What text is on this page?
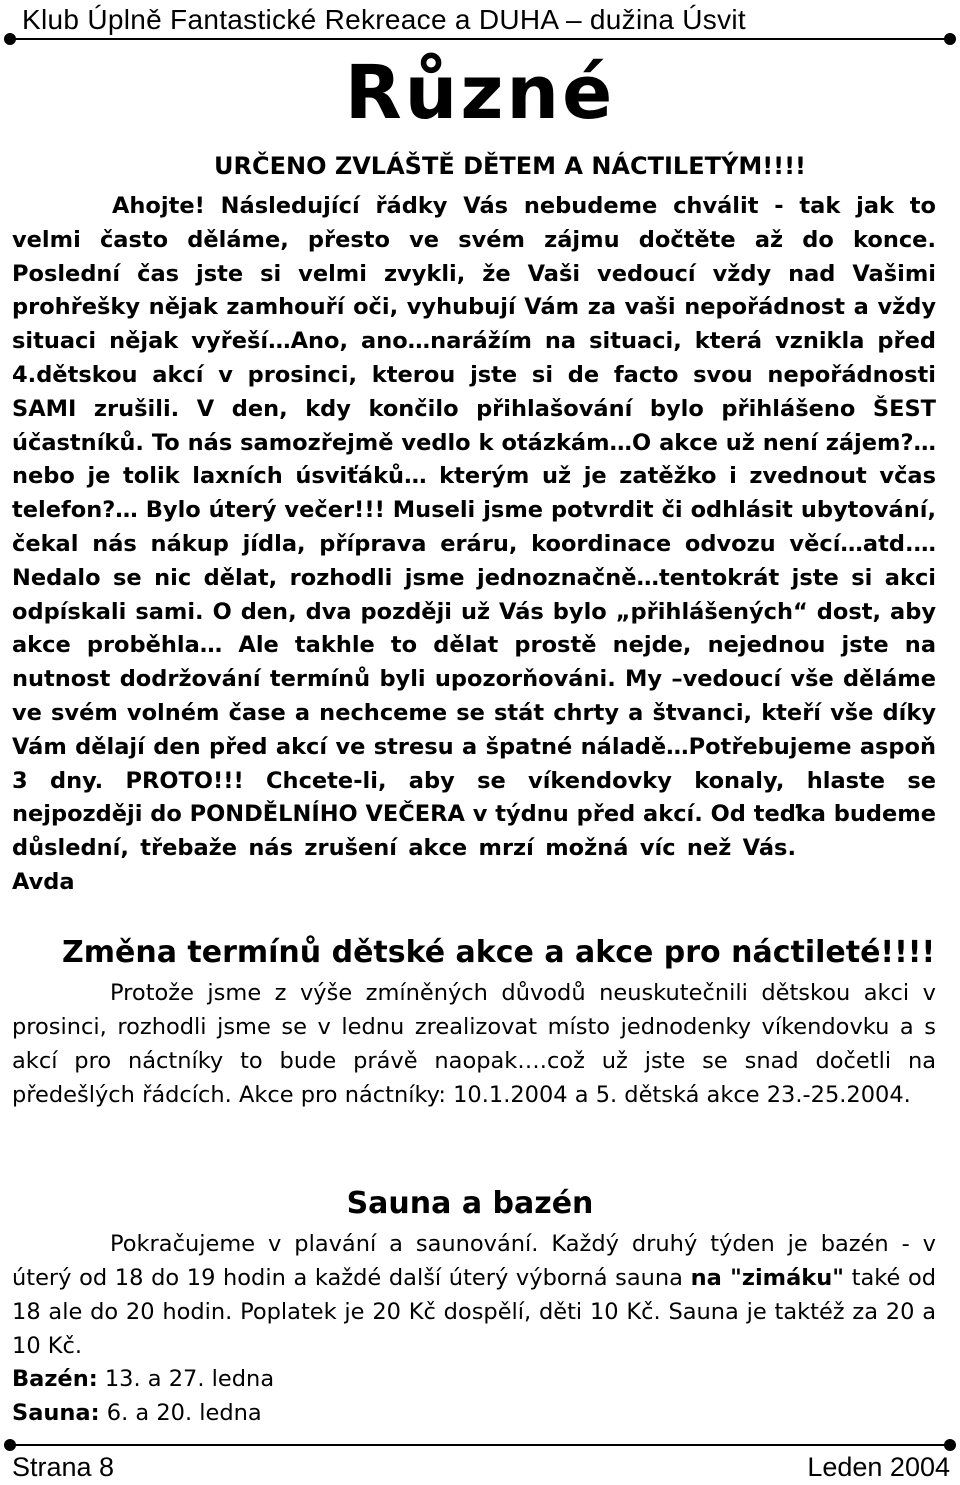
Klub Úplně Fantastické Rekreace a DUHA – dužina Úsvit
Různé
URČENO ZVLÁŠTĚ DĚTEM A NÁCTILETÝM!!!!
Ahojte! Následující řádky Vás nebudeme chválit - tak jak to velmi často děláme, přesto ve svém zájmu dočtěte až do konce. Poslední čas jste si velmi zvykli, že Vaši vedoucí vždy nad Vašimi prohřešky nějak zamhouří oči, vyhubují Vám za vaši nepořádnost a vždy situaci nějak vyřeší…Ano, ano…narážím na situaci, která vznikla před 4.dětskou akcí v prosinci, kterou jste si de facto svou nepořádnosti SAMI zrušili. V den, kdy končilo přihlašování bylo přihlášeno ŠEST účastníků. To nás samozřejmě vedlo k otázkám…O akce už není zájem?… nebo je tolik laxních úsviťáků… kterým už je zatěžko i zvednout včas telefon?… Bylo úterý večer!!! Museli jsme potvrdit či odhlásit ubytování, čekal nás nákup jídla, příprava eráru, koordinace odvozu věcí…atd.… Nedalo se nic dělat, rozhodli jsme jednoznačně…tentokrát jste si akci odpískali sami. O den, dva později už Vás bylo „přihlášených“ dost, aby akce proběhla… Ale takhle to dělat prostě nejde, nejednou jste na nutnost dodržování termínů byli upozorňováni. My –vedoucí vše děláme ve svém volném čase a nechceme se stát chrty a štvanci, kteří vše díky Vám dělají den před akcí ve stresu a špatné náladě…Potřebujeme aspoň 3 dny. PROTO!!! Chcete-li, aby se víkendovky konaly, hlaste se nejpozději do PONDĚLNÍHO VEČERA v týdnu před akcí. Od teďka budeme důslední, třebaže nás zrušení akce mrzí možná víc než Vás.Avda
Změna termínů dětské akce a akce pro náctileté!!!!
Protože jsme z výše zmíněných důvodů neuskutečnili dětskou akci v prosinci, rozhodli jsme se v lednu zrealizovat místo jednodenky víkendovku a s akcí pro náctníky to bude právě naopak….což už jste se snad dočetli na předešlých řádcích. Akce pro náctníky: 10.1.2004 a 5. dětská akce 23.-25.2004.
Sauna a bazén
Pokračujeme v plavání a saunování. Každý druhý týden je bazén - v úterý od 18 do 19 hodin a každé další úterý výborná sauna na "zimáku" také od 18 ale do 20 hodin. Poplatek je 20 Kč dospělí, děti 10 Kč. Sauna je taktéž za 20 a 10 Kč.
Bazén: 13. a 27. ledna
Sauna: 6. a 20. ledna
Strana 8	Leden 2004
